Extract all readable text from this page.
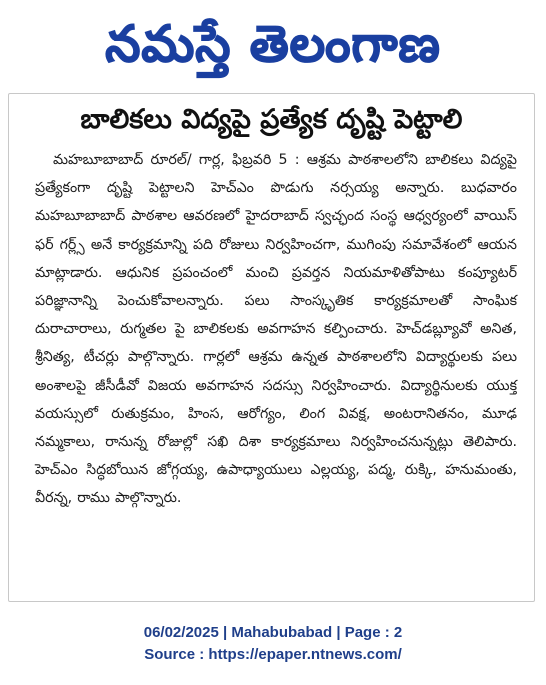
నమస్తే తెలంగాణ
బాలికలు విద్యపై ప్రత్యేక దృష్టి పెట్టాలి
మహబూబాబాద్ రూరల్/ గార్ల, ఫిబ్రవరి 5 : ఆశ్రమ పాఠశాలలోని బాలికలు విద్యపై ప్రత్యేకంగా దృష్టి పెట్టాలని హెచ్ఎం పొడుగు నర్సయ్య అన్నారు. బుధవారం మహబూబాబాద్ పాఠశాల ఆవరణలో హైదరాబాద్ స్వచ్ఛంద సంస్థ ఆధ్వర్యంలో వాయిస్ ఫర్ గర్ల్స్ అనే కార్యక్రమాన్ని పది రోజులు నిర్వహించగా, ముగింపు సమావేశంలో ఆయన మాట్లాడారు. ఆధునిక ప్రపంచంలో మంచి ప్రవర్తన నియమాళితోపాటు కంప్యూటర్ పరిజ్ఞానాన్ని పెంచుకోవాలన్నారు. పలు సాంస్కృతిక కార్యక్రమాలతో సాంఘిక దురాచారాలు, రుగ్మతల పై బాలికలకు అవగాహన కల్పించారు. హెచ్‌డబ్ల్యూవో అనిత, శ్రీనిత్య, టీచర్లు పాల్గొన్నారు. గార్లలో ఆశ్రమ ఉన్నత పాఠశాలలోని విద్యార్థులకు పలు అంశాలపై జీసీడీవో విజయ అవగాహన సదస్సు నిర్వహించారు. విద్యార్థినులకు యుక్త వయస్సులో రుతుక్రమం, హింస, ఆరోగ్యం, లింగ వివక్ష, అంటరానితనం, మూఢ నమ్మకాలు, రానున్న రోజుల్లో సఖి దిశా కార్యక్రమాలు నిర్వహించనున్నట్లు తెలిపారు. హెచ్ఎం సిద్ధబోయిన జోగ్గయ్య, ఉపాధ్యాయులు ఎల్లయ్య, పద్మ, రుక్కి, హనుమంతు, వీరన్న, రాము పాల్గొన్నారు.
06/02/2025 | Mahabubabad | Page : 2
Source : https://epaper.ntnews.com/
